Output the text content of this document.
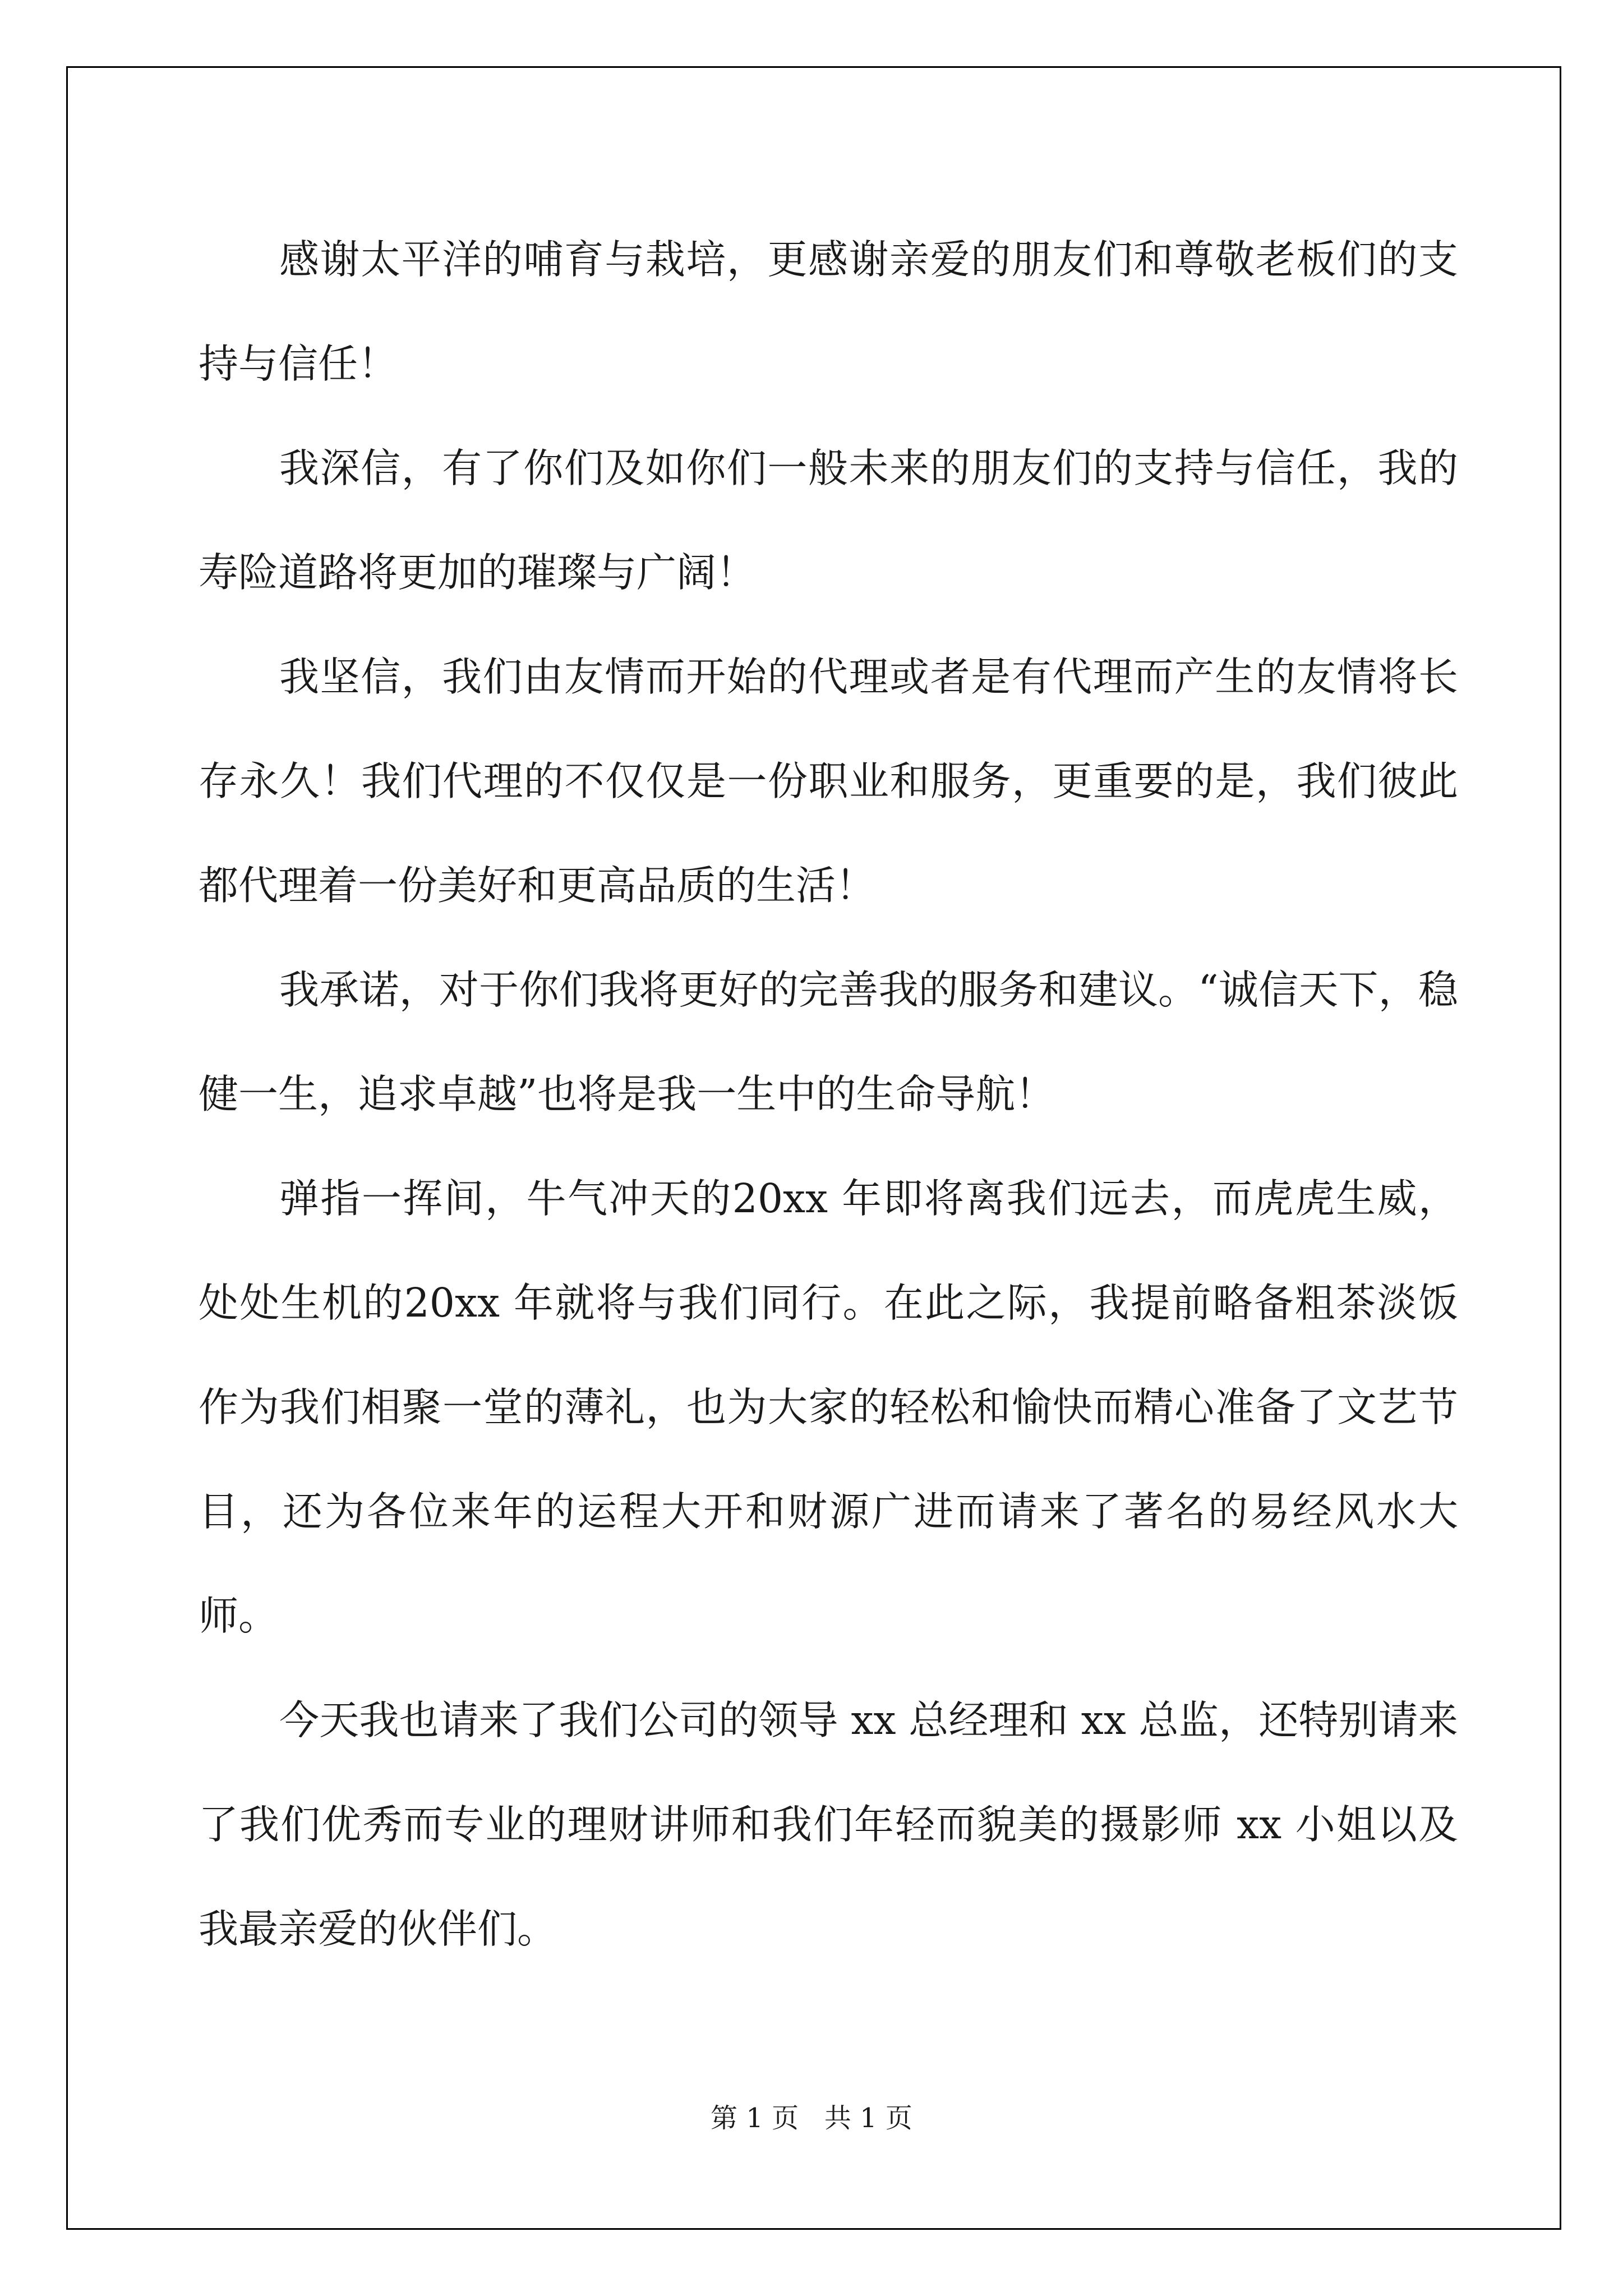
感谢太平洋的哺育与栽培，更感谢亲爱的朋友们和尊敬老板们的支持与信任！

我深信，有了你们及如你们一般未来的朋友们的支持与信任，我的寿险道路将更加的璀璨与广阔！

我坚信，我们由友情而开始的代理或者是有代理而产生的友情将长存永久！我们代理的不仅仅是一份职业和服务，更重要的是，我们彼此都代理着一份美好和更高品质的生活！

我承诺，对于你们我将更好的完善我的服务和建议。“诚信天下，稳健一生，追求卓越”也将是我一生中的生命导航！

弹指一挥间，牛气冲天的20xx 年即将离我们远去，而虎虎生威，处处生机的20xx 年就将与我们同行。在此之际，我提前略备粗茶淡饭作为我们相聚一堂的薄礼，也为大家的轻松和愉快而精心准备了文艺节目，还为各位来年的运程大开和财源广进而请来了著名的易经风水大师。

今天我也请来了我们公司的领导 xx 总经理和 xx 总监，还特别请来了我们优秀而专业的理财讲师和我们年轻而貌美的摄影师 xx 小姐以及我最亲爱的伙伴们。

第 1 页   共 1 页
